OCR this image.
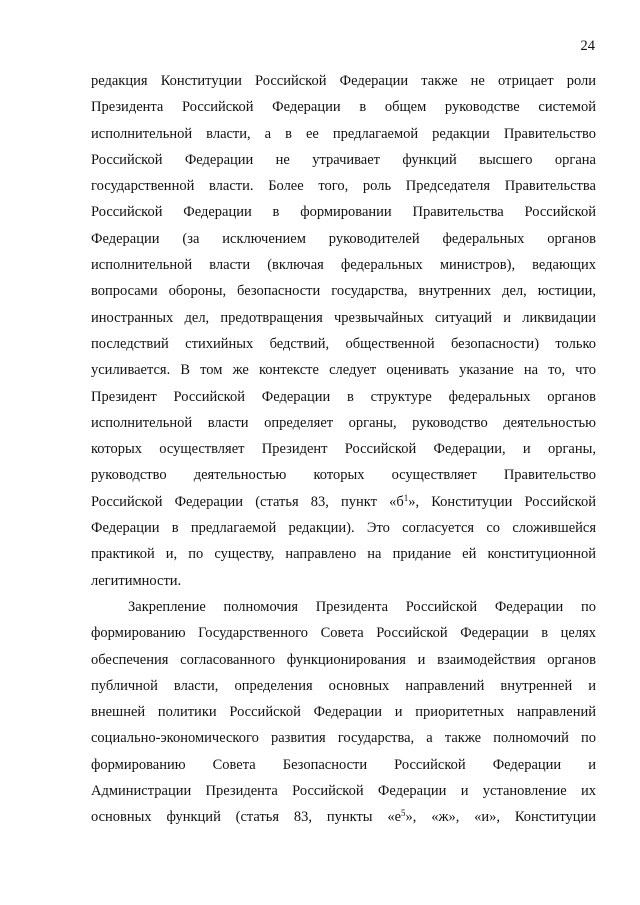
24
редакция Конституции Российской Федерации также не отрицает роли
Президента Российской Федерации в общем руководстве системой
исполнительной власти, а в ее предлагаемой редакции Правительство
Российской Федерации не утрачивает функций высшего органа
государственной власти. Более того, роль Председателя Правительства
Российской Федерации в формировании Правительства Российской
Федерации (за исключением руководителей федеральных органов
исполнительной власти (включая федеральных министров), ведающих
вопросами обороны, безопасности государства, внутренних дел, юстиции,
иностранных дел, предотвращения чрезвычайных ситуаций и ликвидации
последствий стихийных бедствий, общественной безопасности) только
усиливается. В том же контексте следует оценивать указание на то, что
Президент Российской Федерации в структуре федеральных органов
исполнительной власти определяет органы, руководство деятельностью
которых осуществляет Президент Российской Федерации, и органы,
руководство деятельностью которых осуществляет Правительство
Российской Федерации (статья 83, пункт «$б^1$», Конституции Российской
Федерации в предлагаемой редакции). Это согласуется со сложившейся
практикой и, по существу, направлено на придание ей конституционной
легитимности.
Закрепление полномочия Президента Российской Федерации по
формированию Государственного Совета Российской Федерации в целях
обеспечения согласованного функционирования и взаимодействия органов
публичной власти, определения основных направлений внутренней и
внешней политики Российской Федерации и приоритетных направлений
социально-экономического развития государства, а также полномочий по
формированию Совета Безопасности Российской Федерации и
Администрации Президента Российской Федерации и установление их
основных функций (статья 83, пункты «$е^5$», «ж», «и», Конституции
